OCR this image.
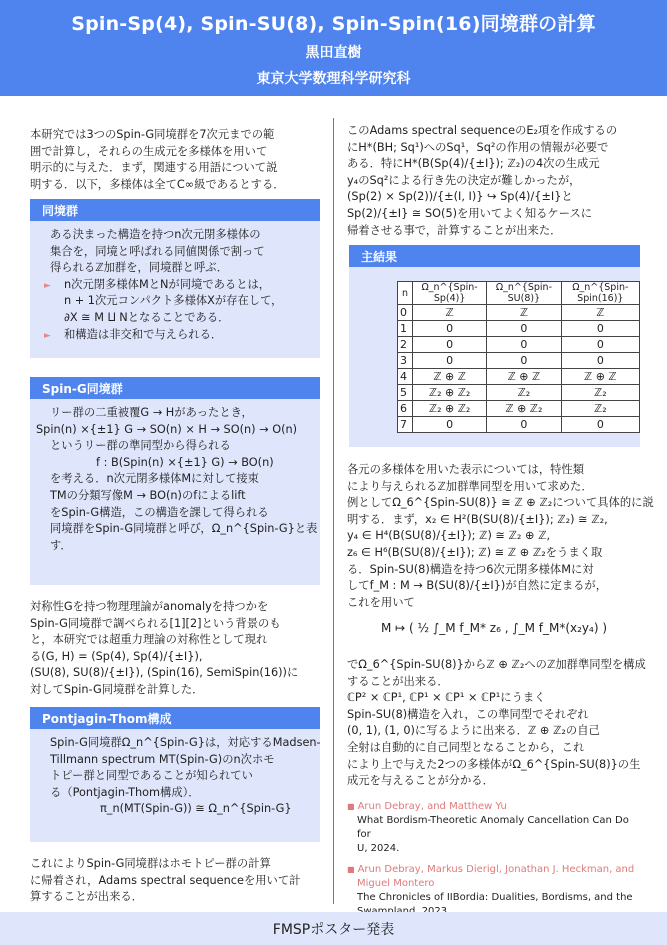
Spin-Sp(4), Spin-SU(8), Spin-Spin(16)同境群の計算
黒田直樹
東京大学数理科学研究科
本研究では3つのSpin-G同境群を7次元までの範
囲で計算し，それらの生成元を多様体を用いて
明示的に与えた．まず，関連する用語について説
明する．以下，多様体は全てC∞級であるとする．
同境群
ある決まった構造を持つn次元閉多様体の
集合を，同境と呼ばれる同値関係で割って
得られるℤ加群を，同境群と呼ぶ．
► n次元閉多様体MとNが同境であるとは，
n + 1次元コンパクト多様体Xが存在して，
∂X ≅ M ⨿ Nとなることである．
► 和構造は非交和で与えられる．
Spin-G同境群
リー群の二重被覆G → Hがあったとき，
Spin(n) ×{±1} G → SO(n) × H → SO(n) → O(n)
というリー群の準同型から得られる
f : B(Spin(n) ×{±1} G) → BO(n)
を考える．n次元閉多様体Mに対して接束
TMの分類写像M → BO(n)のfによるlift
をSpin-G構造，この構造を課して得られる
同境群をSpin-G同境群と呼び，Ω_n^{Spin-G}と表
す．
対称性Gを持つ物理理論がanomalyを持つかを
Spin-G同境群で調べられる[1][2]という背景のも
と，本研究では超重力理論の対称性として現れ
る(G, H) = (Sp(4), Sp(4)/{±I}),
(SU(8), SU(8)/{±I}), (Spin(16), SemiSpin(16))に
対してSpin-G同境群を計算した．
Pontjagin-Thom構成
Spin-G同境群Ω_n^{Spin-G}は，対応するMadsen-
Tillmann spectrum MT(Spin-G)のn次ホモ
トピー群と同型であることが知られてい
る（Pontjagin-Thom構成）．
π_n(MT(Spin-G)) ≅ Ω_n^{Spin-G}
これによりSpin-G同境群はホモトピー群の計算
に帰着され，Adams spectral sequenceを用いて計
算することが出来る．
このAdams spectral sequenceのE₂項を作成するの
にH*(BH; Sq¹)へのSq¹，Sq²の作用の情報が必要で
ある．特にH*(B(Sp(4)/{±I}); ℤ₂)の4次の生成元
y₄のSq²による行き先の決定が難しかったが，
(Sp(2) × Sp(2))/{±(I, I)} ↪ Sp(4)/{±I}と
Sp(2)/{±I} ≅ SO(5)を用いてよく知るケースに
帰着させる事で，計算することが出来た．
主結果
n	Ω_n^{Spin-Sp(4)}	Ω_n^{Spin-SU(8)}	Ω_n^{Spin-Spin(16)}
0	ℤ	ℤ	ℤ
1	0	0	0
2	0	0	0
3	0	0	0
4	ℤ ⊕ ℤ	ℤ ⊕ ℤ	ℤ ⊕ ℤ
5	ℤ₂ ⊕ ℤ₂	ℤ₂	ℤ₂
6	ℤ₂ ⊕ ℤ₂	ℤ ⊕ ℤ₂	ℤ₂
7	0	0	0
各元の多様体を用いた表示については，特性類
により与えられるℤ加群準同型を用いて求めた．
例としてΩ_6^{Spin-SU(8)} ≅ ℤ ⊕ ℤ₂について具体的に説
明する．まず，x₂ ∈ H²(B(SU(8)/{±I}); ℤ₂) ≅ ℤ₂,
y₄ ∈ H⁴(B(SU(8)/{±I}); ℤ) ≅ ℤ₂ ⊕ ℤ,
z₆ ∈ H⁶(B(SU(8)/{±I}); ℤ) ≅ ℤ ⊕ ℤ₂をうまく取
る．Spin-SU(8)構造を持つ6次元閉多様体Mに対
してf_M : M → B(SU(8)/{±I})が自然に定まるが，
これを用いて
M ↦ ( ½ ∫_M f_M* z₆ , ∫_M f_M*(x₂y₄) )
でΩ_6^{Spin-SU(8)}からℤ ⊕ ℤ₂へのℤ加群準同型を構成
することが出来る．
ℂP² × ℂP¹, ℂP¹ × ℂP¹ × ℂP¹にうまく
Spin-SU(8)構造を入れ，この準同型でそれぞれ
(0, 1), (1, 0)に写るように出来る．ℤ ⊕ ℤ₂の自己
全射は自動的に自己同型となることから，これ
により上で与えた2つの多様体がΩ_6^{Spin-SU(8)}の生
成元を与えることが分かる．
■ Arun Debray, and Matthew Yu
What Bordism-Theoretic Anomaly Cancellation Can Do for
U, 2024.
■ Arun Debray, Markus Dierigl, Jonathan J. Heckman, and
Miguel Montero
The Chronicles of IIBordia: Dualities, Bordisms, and the
FMSPポスター発表
